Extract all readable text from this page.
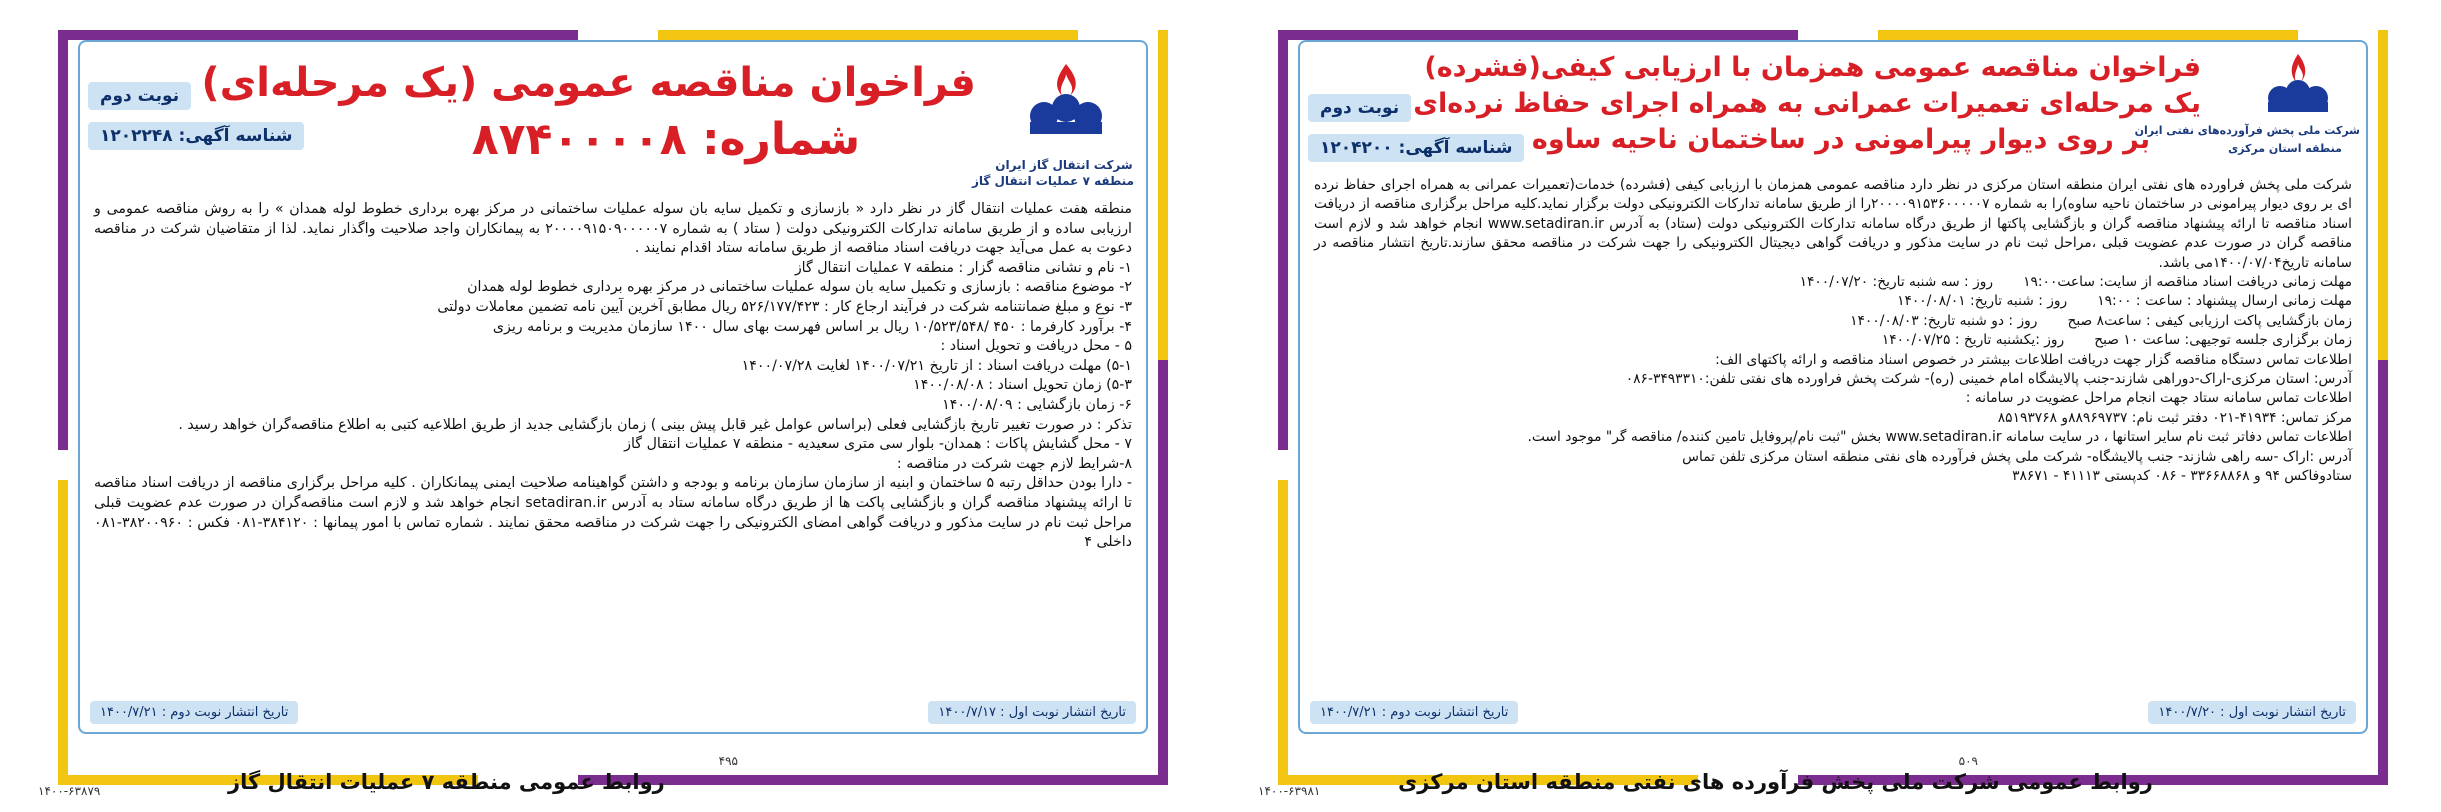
شرکت انتقال گاز ایران
منطقه ۷ عملیات انتقال گاز
فراخوان مناقصه عمومی (یک مرحله‌ای)
شماره: ۸۷۴۰۰۰۰۸
نوبت دوم
شناسه آگهی: ۱۲۰۲۲۴۸

منطقه هفت عملیات انتقال گاز در نظر دارد « بازسازی و تکمیل سایه بان سوله عملیات ساختمانی در مرکز بهره برداری خطوط لوله همدان » را به روش مناقصه عمومی و ارزیابی ساده و از طریق سامانه تدارکات الکترونیکی دولت ( ستاد ) به شماره ۲۰۰۰۰۹۱۵۰۹۰۰۰۰۰۷ به پیمانکاران واجد صلاحیت واگذار نماید. لذا از متقاضیان شرکت در مناقصه دعوت به عمل می‌آید جهت دریافت اسناد مناقصه از طریق سامانه ستاد اقدام نمایند .

۱- نام و نشانی مناقصه گزار : منطقه ۷ عملیات انتقال گاز

۲- موضوع مناقصه : بازسازی و تکمیل سایه بان سوله عملیات ساختمانی در مرکز بهره برداری خطوط لوله همدان

۳- نوع و مبلغ ضمانتنامه شرکت در فرآیند ارجاع کار : ۵۲۶/۱۷۷/۴۲۳ ریال مطابق آخرین آیین نامه تضمین معاملات دولتی

۴- برآورد کارفرما : ۴۵۰ /۱۰/۵۲۳/۵۴۸ ریال بر اساس فهرست بهای سال ۱۴۰۰ سازمان مدیریت و برنامه ریزی

۵ - محل دریافت و تحویل اسناد :

۵-۱) مهلت دریافت اسناد : از تاریخ ۱۴۰۰/۰۷/۲۱ لغایت ۱۴۰۰/۰۷/۲۸

۵-۳) زمان تحویل اسناد : ۱۴۰۰/۰۸/۰۸

۶- زمان بازگشایی : ۱۴۰۰/۰۸/۰۹

تذکر : در صورت تغییر تاریخ بازگشایی فعلی (براساس عوامل غیر قابل پیش بینی ) زمان بازگشایی جدید از طریق اطلاعیه کتبی به اطلاع مناقصه‌گران خواهد رسید .

۷ - محل گشایش پاکات : همدان- بلوار سی متری سعیدیه - منطقه ۷ عملیات انتقال گاز

۸-شرایط لازم جهت شرکت در مناقصه :

- دارا بودن حداقل رتبه ۵ ساختمان و ابنیه از سازمان سازمان برنامه و بودجه و داشتن گواهینامه صلاحیت ایمنی پیمانکاران . کلیه مراحل برگزاری مناقصه از دریافت اسناد مناقصه تا ارائه پیشنهاد مناقصه گران و بازگشایی پاکت ها از طریق درگاه سامانه ستاد به آدرس setadiran.ir انجام خواهد شد و لازم است مناقصه‌گران در صورت عدم عضویت قبلی مراحل ثبت نام در سایت مذکور و دریافت گواهی امضای الکترونیکی را جهت شرکت در مناقصه محقق نمایند . شماره تماس با امور پیمانها : ۳۸۴۱۲۰-۰۸۱ فکس : ۳۸۲۰۰۹۶۰-۰۸۱ داخلی ۴

تاریخ انتشار نوبت اول : ۱۴۰۰/۷/۱۷
تاریخ انتشار نوبت دوم : ۱۴۰۰/۷/۲۱
۴۹۵
روابط عمومی منطقه ۷ عملیات انتقال گاز
۱۴۰۰-۶۳۸۷۹
شرکت ملی پخش فرآورده‌های نفتی ایران
منطقه استان مرکزی
فراخوان مناقصه عمومی همزمان با ارزیابی کیفی(فشرده)
یک مرحله‌ای تعمیرات عمرانی به همراه اجرای حفاظ نرده‌ای
بر روی دیوار پیرامونی در ساختمان ناحیه ساوه
نوبت دوم
شناسه آگهی: ۱۲۰۴۲۰۰

شرکت ملی پخش فراورده های نفتی ایران منطقه استان مرکزی در نظر دارد مناقصه عمومی همزمان با ارزیابی کیفی (فشرده) خدمات(تعمیرات عمرانی به همراه اجرای حفاظ نرده ای بر روی دیوار پیرامونی در ساختمان ناحیه ساوه)را به شماره ۲۰۰۰۰۹۱۵۳۶۰۰۰۰۰۷را از طریق سامانه تدارکات الکترونیکی دولت برگزار نماید.کلیه مراحل برگزاری مناقصه از دریافت اسناد مناقصه تا ارائه پیشنهاد مناقصه گران و بازگشایی پاکتها از طریق درگاه سامانه تدارکات الکترونیکی دولت (ستاد) به آدرس www.setadiran.ir انجام خواهد شد و لازم است مناقصه گران در صورت عدم عضویت قبلی ،مراحل ثبت نام در سایت مذکور و دریافت گواهی دیجیتال الکترونیکی را جهت شرکت در مناقصه محقق سازند.تاریخ انتشار مناقصه در سامانه تاریخ۱۴۰۰/۰۷/۰۴می باشد.

مهلت زمانی دریافت اسناد مناقصه از سایت: ساعت۱۹:۰۰
روز : سه شنبه تاریخ: ۱۴۰۰/۰۷/۲۰
مهلت زمانی ارسال پیشنهاد : ساعت : ۱۹:۰۰
روز : شنبه تاریخ: ۱۴۰۰/۰۸/۰۱
زمان بازگشایی پاکت ارزیابی کیفی : ساعت۸ صبح
روز : دو شنبه تاریخ: ۱۴۰۰/۰۸/۰۳
زمان برگزاری جلسه توجیهی: ساعت ۱۰ صبح
روز :یکشنبه تاریخ : ۱۴۰۰/۰۷/۲۵

اطلاعات تماس دستگاه مناقصه گزار جهت دریافت اطلاعات بیشتر در خصوص اسناد مناقصه و ارائه پاکتهای الف:

آدرس: استان مرکزی-اراک-دوراهی شازند-جنب پالایشگاه امام خمینی (ره)- شرکت پخش فراورده های نفتی تلفن:۳۴۹۳۳۱۰-۰۸۶

اطلاعات تماس سامانه ستاد جهت انجام مراحل عضویت در سامانه :

مرکز تماس: ۴۱۹۳۴-۰۲۱ دفتر ثبت نام: ۸۸۹۶۹۷۳۷و ۸۵۱۹۳۷۶۸

اطلاعات تماس دفاتر ثبت نام سایر استانها ، در سایت سامانه www.setadiran.ir بخش "ثبت نام/پروفایل تامین کننده/ مناقصه گر" موجود است.

آدرس :اراک -سه راهی شازند- جنب پالایشگاه- شرکت ملی پخش فرآورده های نفتی منطقه استان مرکزی تلفن تماس

ستادوفاکس ۹۴ و ۳۳۶۶۸۸۶۸ - ۰۸۶ کدپستی ۴۱۱۱۳ - ۳۸۶۷۱

تاریخ انتشار نوبت اول : ۱۴۰۰/۷/۲۰
تاریخ انتشار نوبت دوم : ۱۴۰۰/۷/۲۱
۵۰۹
روابط عمومی شرکت ملی پخش فرآورده های نفتی منطقه استان مرکزی
۱۴۰۰-۶۳۹۸۱
